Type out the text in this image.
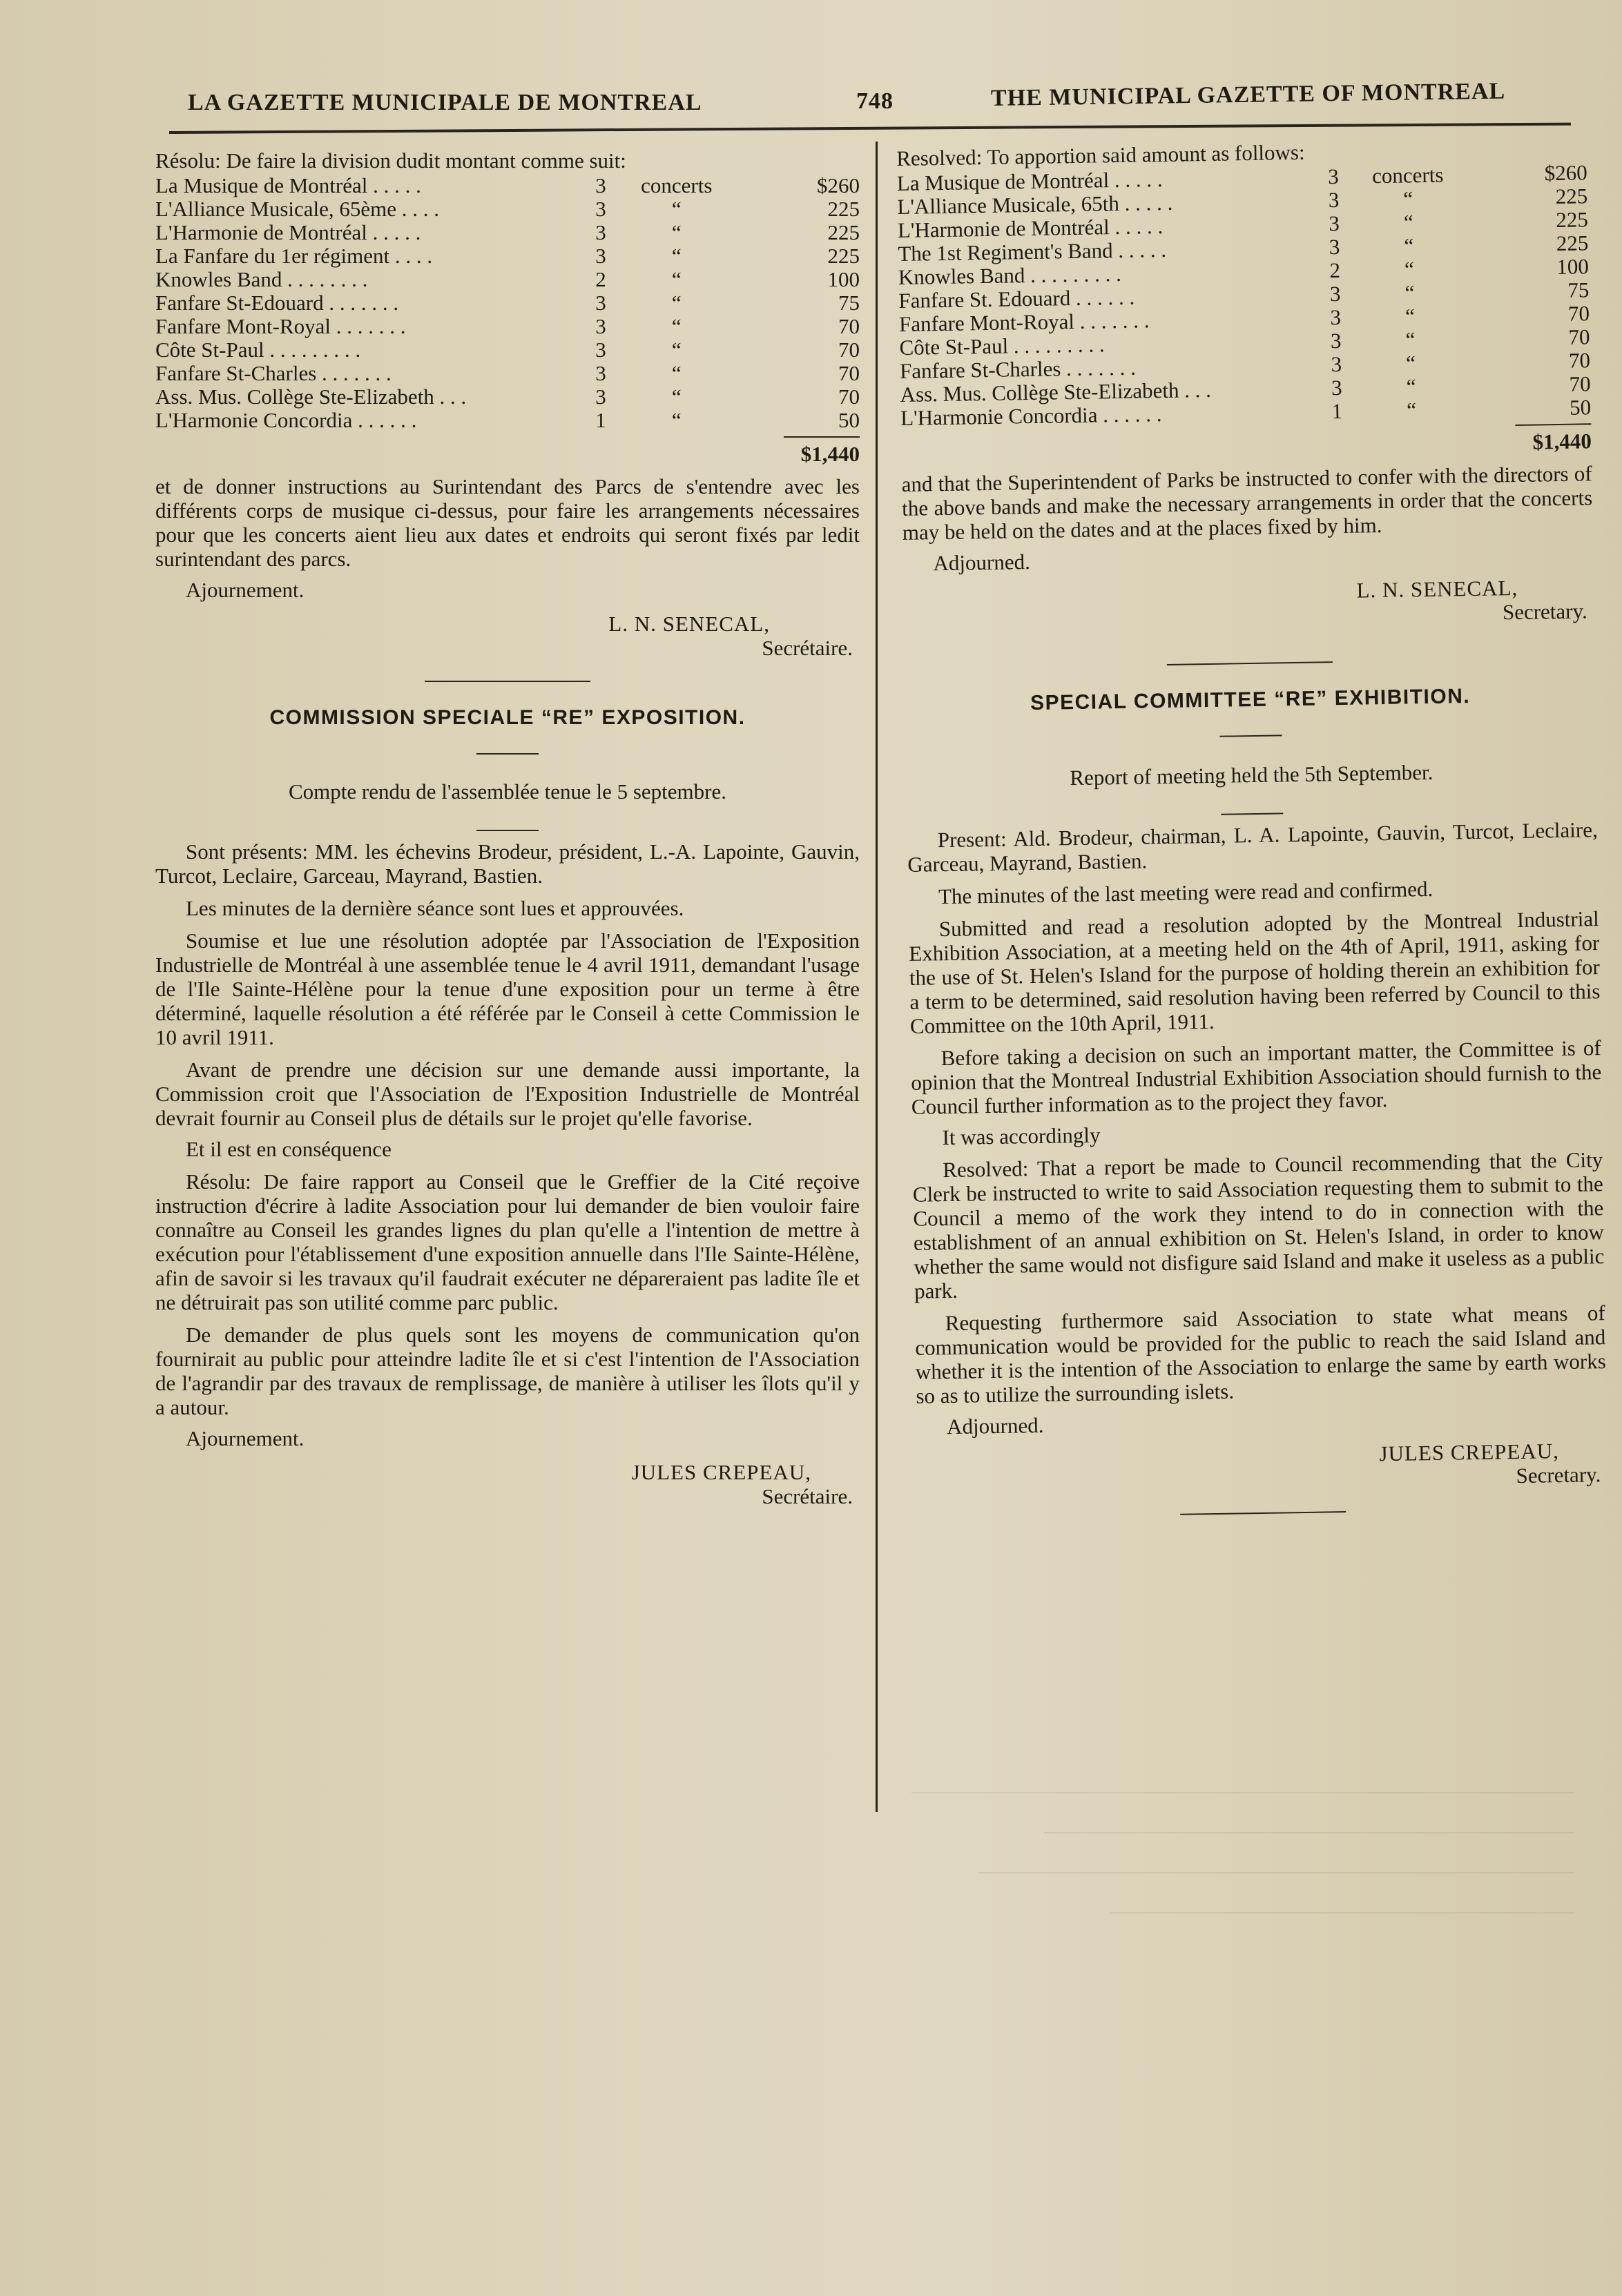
LA GAZETTE MUNICIPALE DE MONTREAL	748	THE MUNICIPAL GAZETTE OF MONTREAL

Résolu: De faire la division dudit montant comme suit:

La Musique de Montréal . . . . .	3	concerts	$260
L'Alliance Musicale, 65ème . . . .	3	“	225
L'Harmonie de Montréal . . . . .	3	“	225
La Fanfare du 1er régiment . . . .	3	“	225
Knowles Band . . . . . . . .	2	“	100
Fanfare St-Edouard . . . . . . .	3	“	75
Fanfare Mont-Royal . . . . . . .	3	“	70
Côte St-Paul . . . . . . . . .	3	“	70
Fanfare St-Charles . . . . . . .	3	“	70
Ass. Mus. Collège Ste-Elizabeth . . .	3	“	70
L'Harmonie Concordia . . . . . .	1	“	50

$1,440

et de donner instructions au Surintendant des Parcs de s'entendre avec les différents corps de musique ci-dessus, pour faire les arrangements nécessaires pour que les concerts aient lieu aux dates et endroits qui seront fixés par ledit surintendant des parcs.

Ajournement.

L. N. SENECAL,

Secrétaire.

COMMISSION SPECIALE “RE” EXPOSITION.

Compte rendu de l'assemblée tenue le 5 septembre.

Sont présents: MM. les échevins Brodeur, président, L.-A. Lapointe, Gauvin, Turcot, Leclaire, Garceau, Mayrand, Bastien.

Les minutes de la dernière séance sont lues et approuvées.

Soumise et lue une résolution adoptée par l'Association de l'Exposition Industrielle de Montréal à une assemblée tenue le 4 avril 1911, demandant l'usage de l'Ile Sainte-Hélène pour la tenue d'une exposition pour un terme à être déterminé, laquelle résolution a été référée par le Conseil à cette Commission le 10 avril 1911.

Avant de prendre une décision sur une demande aussi importante, la Commission croit que l'Association de l'Exposition Industrielle de Montréal devrait fournir au Conseil plus de détails sur le projet qu'elle favorise.

Et il est en conséquence

Résolu: De faire rapport au Conseil que le Greffier de la Cité reçoive instruction d'écrire à ladite Association pour lui demander de bien vouloir faire connaître au Conseil les grandes lignes du plan qu'elle a l'intention de mettre à exécution pour l'établissement d'une exposition annuelle dans l'Ile Sainte-Hélène, afin de savoir si les travaux qu'il faudrait exécuter ne dépareraient pas ladite île et ne détruirait pas son utilité comme parc public.

De demander de plus quels sont les moyens de communication qu'on fournirait au public pour atteindre ladite île et si c'est l'intention de l'Association de l'agrandir par des travaux de remplissage, de manière à utiliser les îlots qu'il y a autour.

Ajournement.

JULES CREPEAU,

Secrétaire.

Resolved: To apportion said amount as follows:

La Musique de Montréal . . . . .	3	concerts	$260
L'Alliance Musicale, 65th . . . . .	3	“	225
L'Harmonie de Montréal . . . . .	3	“	225
The 1st Regiment's Band . . . . .	3	“	225
Knowles Band . . . . . . . . .	2	“	100
Fanfare St. Edouard . . . . . .	3	“	75
Fanfare Mont-Royal . . . . . . .	3	“	70
Côte St-Paul . . . . . . . . .	3	“	70
Fanfare St-Charles . . . . . . .	3	“	70
Ass. Mus. Collège Ste-Elizabeth . . .	3	“	70
L'Harmonie Concordia . . . . . .	1	“	50

$1,440

and that the Superintendent of Parks be instructed to confer with the directors of the above bands and make the necessary arrangements in order that the concerts may be held on the dates and at the places fixed by him.

Adjourned.

L. N. SENECAL,

Secretary.

SPECIAL COMMITTEE “RE” EXHIBITION.

Report of meeting held the 5th September.

Present: Ald. Brodeur, chairman, L. A. Lapointe, Gauvin, Turcot, Leclaire, Garceau, Mayrand, Bastien.

The minutes of the last meeting were read and confirmed.

Submitted and read a resolution adopted by the Montreal Industrial Exhibition Association, at a meeting held on the 4th of April, 1911, asking for the use of St. Helen's Island for the purpose of holding therein an exhibition for a term to be determined, said resolution having been referred by Council to this Committee on the 10th April, 1911.

Before taking a decision on such an important matter, the Committee is of opinion that the Montreal Industrial Exhibition Association should furnish to the Council further information as to the project they favor.

It was accordingly

Resolved: That a report be made to Council recommending that the City Clerk be instructed to write to said Association requesting them to submit to the Council a memo of the work they intend to do in connection with the establishment of an annual exhibition on St. Helen's Island, in order to know whether the same would not disfigure said Island and make it useless as a public park.

Requesting furthermore said Association to state what means of communication would be provided for the public to reach the said Island and whether it is the intention of the Association to enlarge the same by earth works so as to utilize the surrounding islets.

Adjourned.

JULES CREPEAU,

Secretary.
